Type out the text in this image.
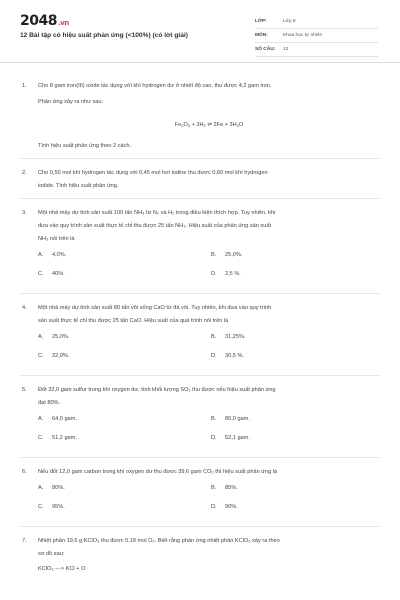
2048.vn
12 Bài tập có hiệu suất phản ứng (<100%) (có lời giải)
LỚP:	Lớp 8
MÔN:	Khoa học tự nhiên
SỐ CÂU: 12
1. Cho 8 gam iron(III) oxide tác dụng với khí hydrogen dư ở nhiệt độ cao, thu được 4,2 gam iron.

Phản ứng xảy ra như sau:

$Fe_2O_3 + 3H_2$ ⇌ $2Fe + 3H_2O$

Tính hiệu suất phản ứng theo 2 cách.

2. Cho 0,50 mol khí hydrogen tác dụng với 0,45 mol hơi iodine thu được 0,60 mol khí hydrogen

iodide. Tính hiệu suất phản ứng.

3. Một nhà máy dự tính sản xuất 100 tấn NH₃ từ N₂ và H₂ trong điều kiện thích hợp. Tuy nhiên, khi

đưa vào quy trình sản xuất thực tế chỉ thu được 25 tấn NH₃. Hiệu suất của phản ứng sản xuất

NH₃ nói trên là

A. 4,0%.	B. 25,0%.
C. 40%.	D. 2,5 %.
4. Một nhà máy dự tính sản xuất 80 tấn vôi sống CaO từ đá vôi. Tuy nhiên, khi đưa vào quy trình

sản xuất thực tế chỉ thu được 25 tấn CaO. Hiệu suất của quá trình nói trên là

A. 25,0%.	B. 31,25%.
C. 32,0%.	D. 30,5 %.
5. Đốt 32,0 gam sulfur trong khí oxygen dư, tính khối lượng SO₂ thu được nếu hiệu suất phản ứng

đạt 80%.

A. 64,0 gam.	B. 80,0 gam.
C. 51,2 gam.	D. 52,1 gam.
6. Nếu đốt 12,0 gam carbon trong khí oxygen dư thu được 39,6 gam CO₂ thì hiệu suất phản ứng là

A. 80%.	B. 85%.
C. 95%.	D. 90%.
7. Nhiệt phân 19,6 g KClO₃ thu được 0,18 mol O₂. Biết rằng phản ứng nhiệt phân KClO₃ xảy ra theo

sơ đồ sau:

KClO₃ ---> KCl + O
